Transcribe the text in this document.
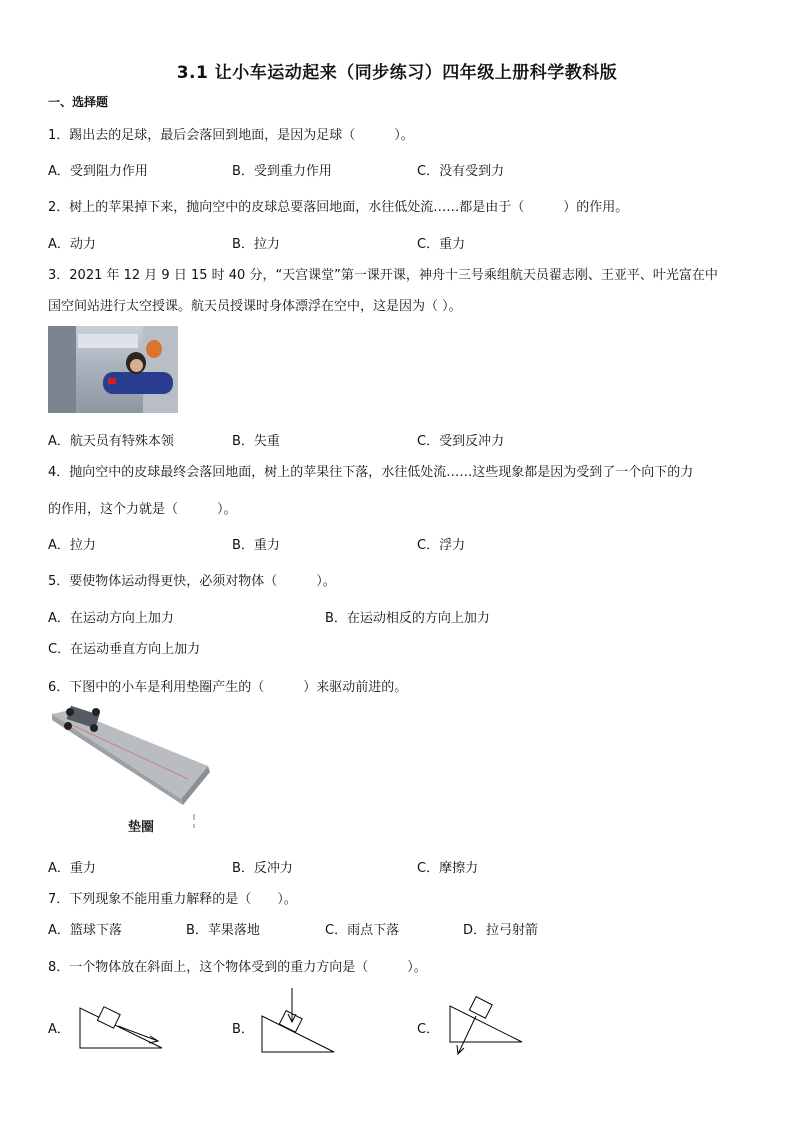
3.1 让小车运动起来（同步练习）四年级上册科学教科版
一、选择题
1．踢出去的足球，最后会落回到地面，是因为足球（　　　）。
A．受到阻力作用	B．受到重力作用	C．没有受到力
2．树上的苹果掉下来，抛向空中的皮球总要落回地面，水往低处流……都是由于（　　　）的作用。
A．动力	B．拉力	C．重力
3．2021 年 12 月 9 日 15 时 40 分，“天宫课堂”第一课开课，神舟十三号乘组航天员翟志刚、王亚平、叶光富在中
国空间站进行太空授课。航天员授课时身体漂浮在空中，这是因为（ ）。
A．航天员有特殊本领	B．失重	C．受到反冲力
4．抛向空中的皮球最终会落回地面，树上的苹果往下落，水往低处流……这些现象都是因为受到了一个向下的力
的作用，这个力就是（　　　）。
A．拉力	B．重力	C．浮力
5．要使物体运动得更快，必须对物体（　　　）。
A．在运动方向上加力	B．在运动相反的方向上加力
C．在运动垂直方向上加力
6．下图中的小车是利用垫圈产生的（　　　）来驱动前进的。
垫圈
A．重力	B．反冲力	C．摩擦力
7．下列现象不能用重力解释的是（　　）。
A．篮球下落	B．苹果落地	C．雨点下落	D．拉弓射箭
8．一个物体放在斜面上，这个物体受到的重力方向是（　　　）。
A．	B．	C．
